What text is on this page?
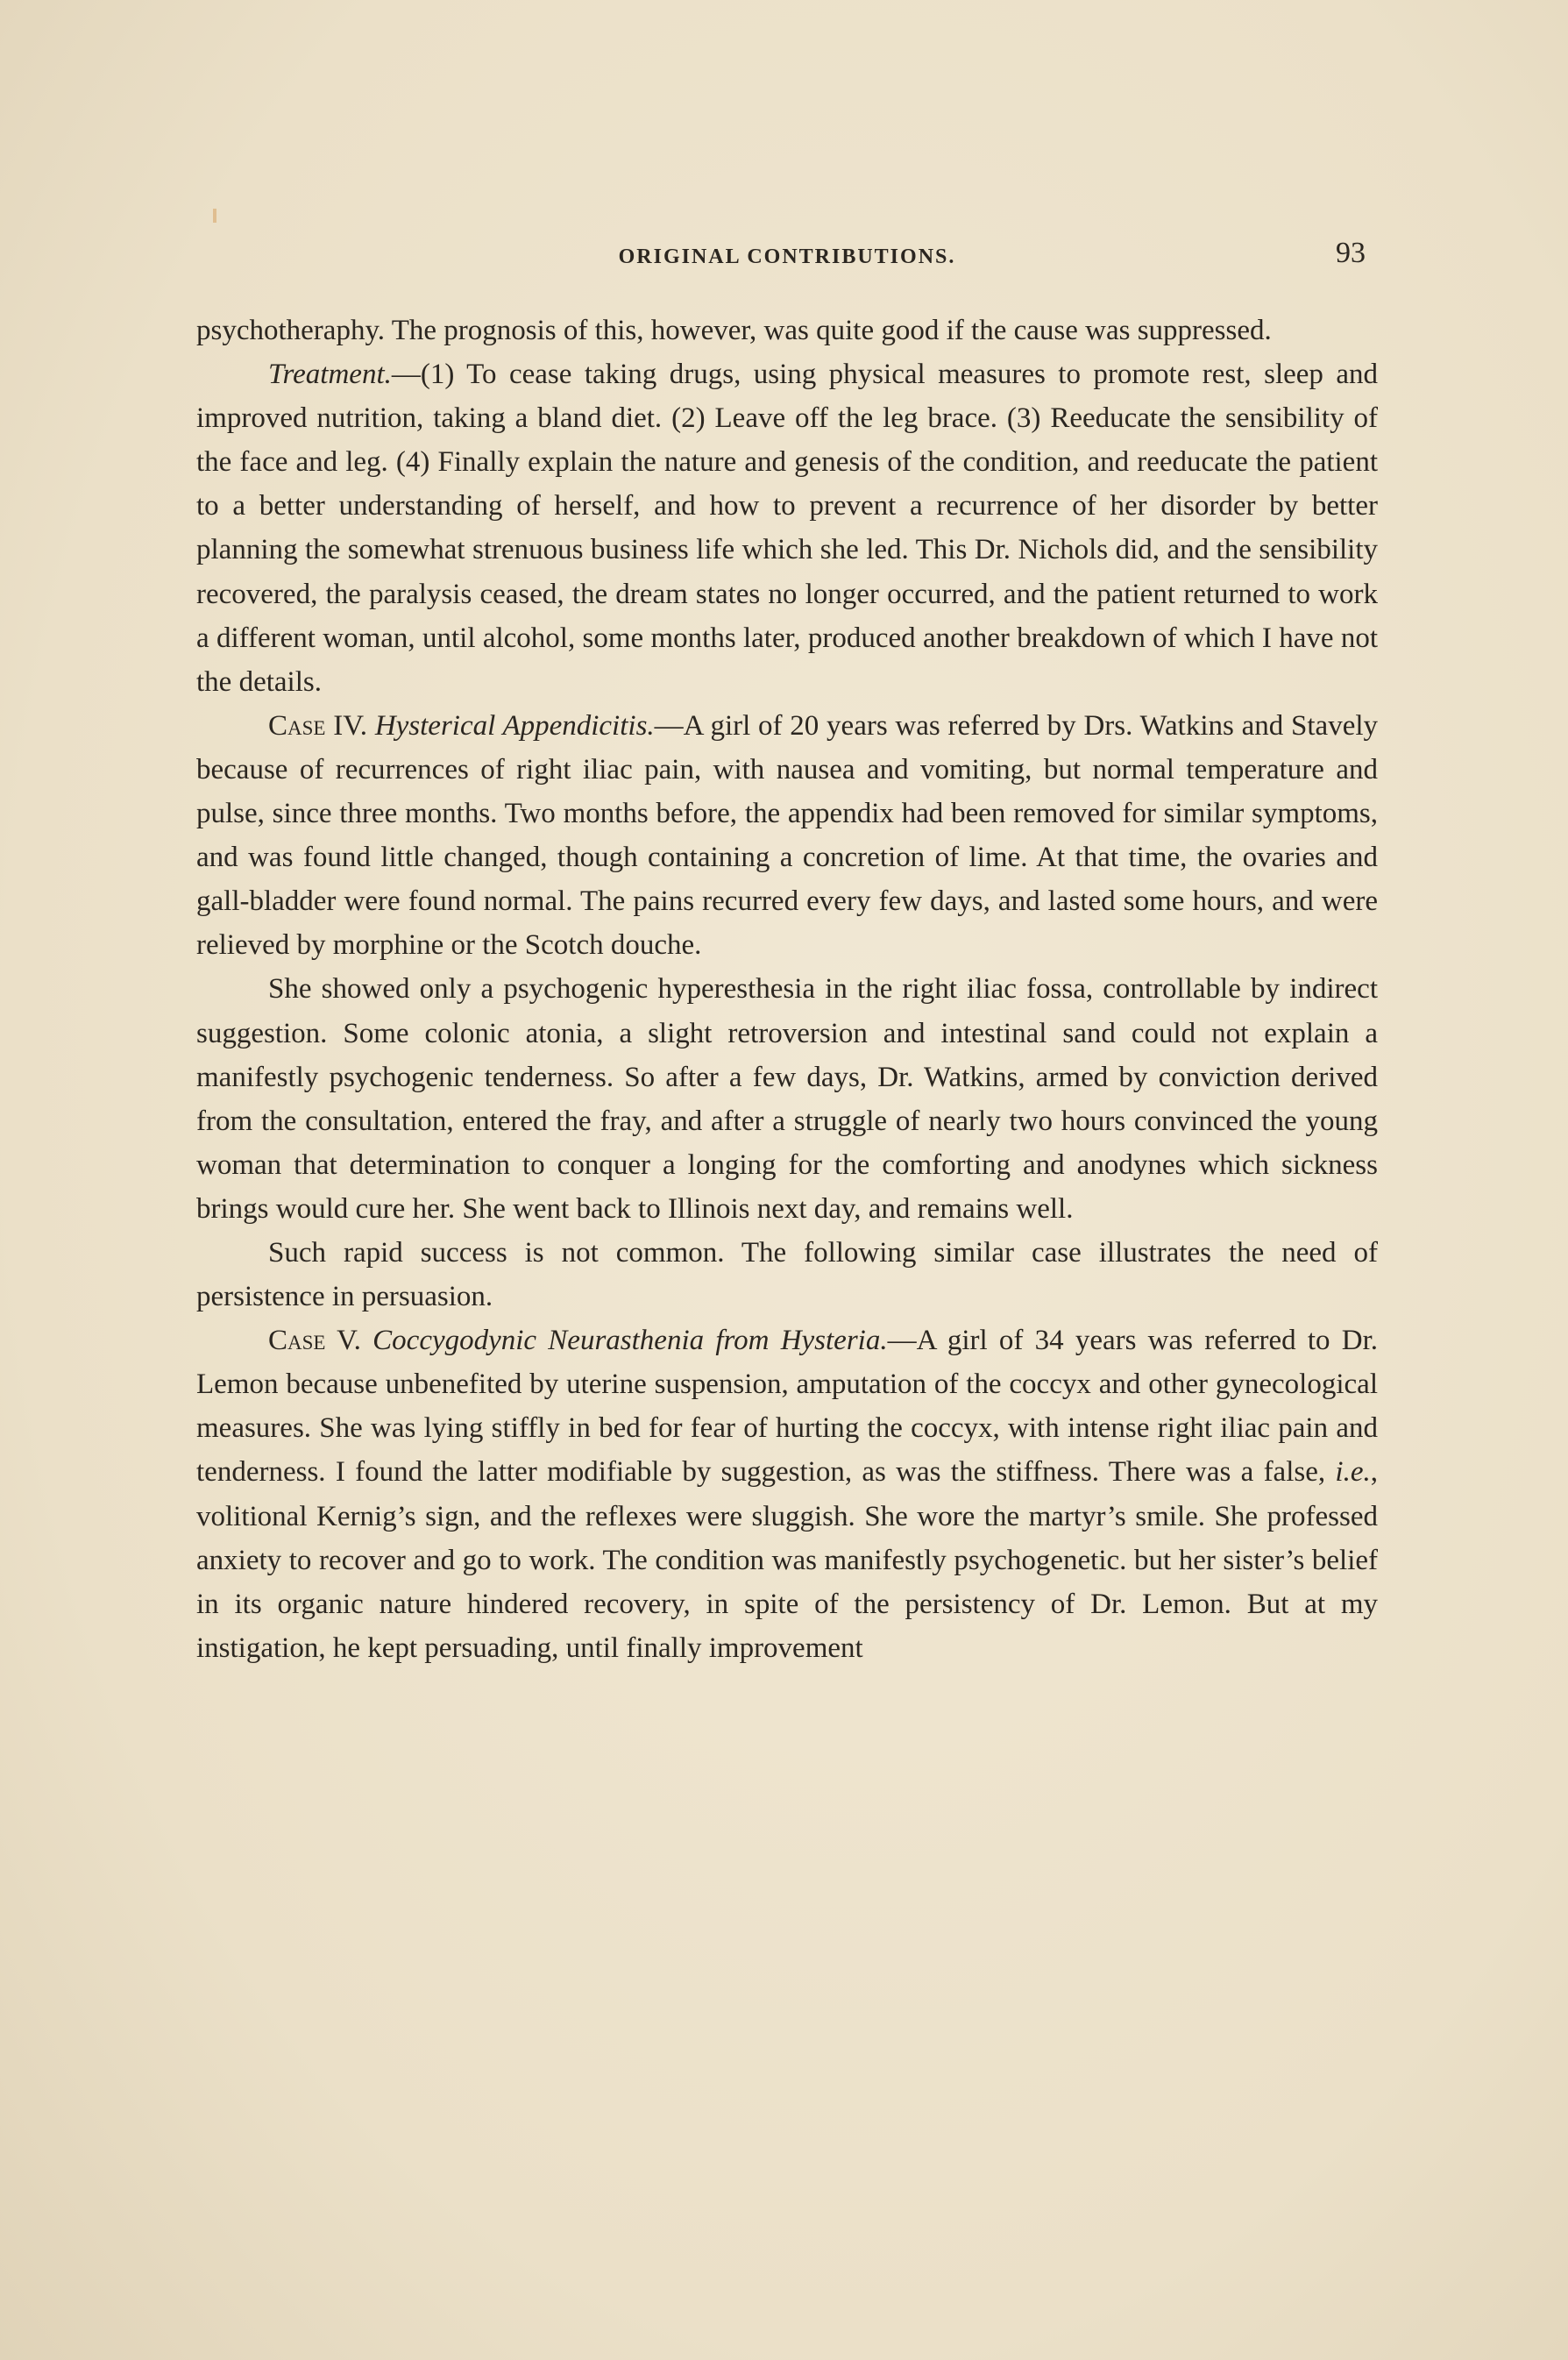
ORIGINAL CONTRIBUTIONS.	93

psychotheraphy. The prognosis of this, however, was quite good if the cause was suppressed.

Treatment.—(1) To cease taking drugs, using physical measures to promote rest, sleep and improved nutrition, taking a bland diet. (2) Leave off the leg brace. (3) Reeducate the sensibility of the face and leg. (4) Finally explain the nature and genesis of the condition, and reeducate the patient to a better understanding of herself, and how to prevent a recurrence of her disorder by better planning the somewhat strenuous business life which she led. This Dr. Nichols did, and the sensibility recovered, the paralysis ceased, the dream states no longer occurred, and the patient returned to work a different woman, until alcohol, some months later, produced another breakdown of which I have not the details.

Case IV. Hysterical Appendicitis.—A girl of 20 years was referred by Drs. Watkins and Stavely because of recurrences of right iliac pain, with nausea and vomiting, but normal temperature and pulse, since three months. Two months before, the appendix had been removed for similar symptoms, and was found little changed, though containing a concretion of lime. At that time, the ovaries and gall-bladder were found normal. The pains recurred every few days, and lasted some hours, and were relieved by morphine or the Scotch douche.

She showed only a psychogenic hyperesthesia in the right iliac fossa, controllable by indirect suggestion. Some colonic atonia, a slight retroversion and intestinal sand could not explain a manifestly psychogenic tenderness. So after a few days, Dr. Watkins, armed by conviction derived from the consultation, entered the fray, and after a struggle of nearly two hours convinced the young woman that determination to conquer a longing for the comforting and anodynes which sickness brings would cure her. She went back to Illinois next day, and remains well.

Such rapid success is not common. The following similar case illustrates the need of persistence in persuasion.

Case V. Coccygodynic Neurasthenia from Hysteria.—A girl of 34 years was referred to Dr. Lemon because unbenefited by uterine suspension, amputation of the coccyx and other gynecological measures. She was lying stiffly in bed for fear of hurting the coccyx, with intense right iliac pain and tenderness. I found the latter modifiable by suggestion, as was the stiffness. There was a false, i.e., volitional Kernig’s sign, and the reflexes were sluggish. She wore the martyr’s smile. She professed anxiety to recover and go to work. The condition was manifestly psychogenetic. but her sister’s belief in its organic nature hindered recovery, in spite of the persistency of Dr. Lemon. But at my instigation, he kept persuading, until finally improvement
